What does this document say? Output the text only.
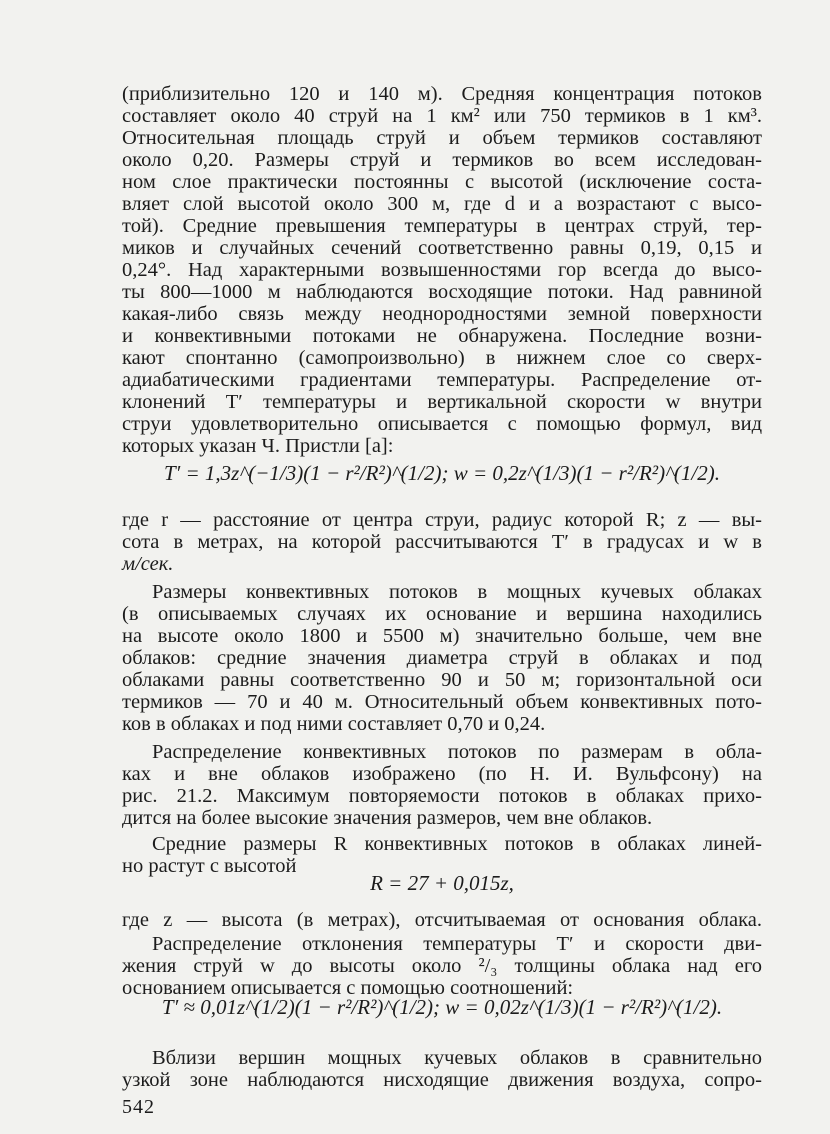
(приблизительно 120 и 140 м). Средняя концентрация потоков
составляет около 40 струй на 1 км² или 750 термиков в 1 км³.
Относительная площадь струй и объем термиков составляют
около 0,20. Размеры струй и термиков во всем исследован-
ном слое практически постоянны с высотой (исключение соста-
вляет слой высотой около 300 м, где d и a возрастают с высо-
той). Средние превышения температуры в центрах струй, тер-
миков и случайных сечений соответственно равны 0,19, 0,15 и
0,24°. Над характерными возвышенностями гор всегда до высо-
ты 800—1000 м наблюдаются восходящие потоки. Над равниной
какая-либо связь между неоднородностями земной поверхности
и конвективными потоками не обнаружена. Последние возни-
кают спонтанно (самопроизвольно) в нижнем слое со сверх-
адиабатическими градиентами температуры. Распределение от-
клонений T′ температуры и вертикальной скорости w внутри
струи удовлетворительно описывается с помощью формул, вид
которых указан Ч. Пристли [a]:
где r — расстояние от центра струи, радиус которой R; z — вы-
сота в метрах, на которой рассчитываются T′ в градусах и w в
м/сек.
Размеры конвективных потоков в мощных кучевых облаках
(в описываемых случаях их основание и вершина находились
на высоте около 1800 и 5500 м) значительно больше, чем вне
облаков: средние значения диаметра струй в облаках и под
облаками равны соответственно 90 и 50 м; горизонтальной оси
термиков — 70 и 40 м. Относительный объем конвективных пото-
ков в облаках и под ними составляет 0,70 и 0,24.
Распределение конвективных потоков по размерам в обла-
ках и вне облаков изображено (по Н. И. Вульфсону) на
рис. 21.2. Максимум повторяемости потоков в облаках прихо-
дится на более высокие значения размеров, чем вне облаков.
Средние размеры R конвективных потоков в облаках линей-
но растут с высотой
где z — высота (в метрах), отсчитываемая от основания облака.
Распределение отклонения температуры T′ и скорости дви-
жения струй w до высоты около ²/₃ толщины облака над его
основанием описывается с помощью соотношений:
Вблизи вершин мощных кучевых облаков в сравнительно
узкой зоне наблюдаются нисходящие движения воздуха, сопро-
T′ = 1,3z^(−1/3)(1 − r²/R²)^(1/2); w = 0,2z^(1/3)(1 − r²/R²)^(1/2).
R = 27 + 0,015z,
T′ ≈ 0,01z^(1/2)(1 − r²/R²)^(1/2); w = 0,02z^(1/3)(1 − r²/R²)^(1/2).
542
